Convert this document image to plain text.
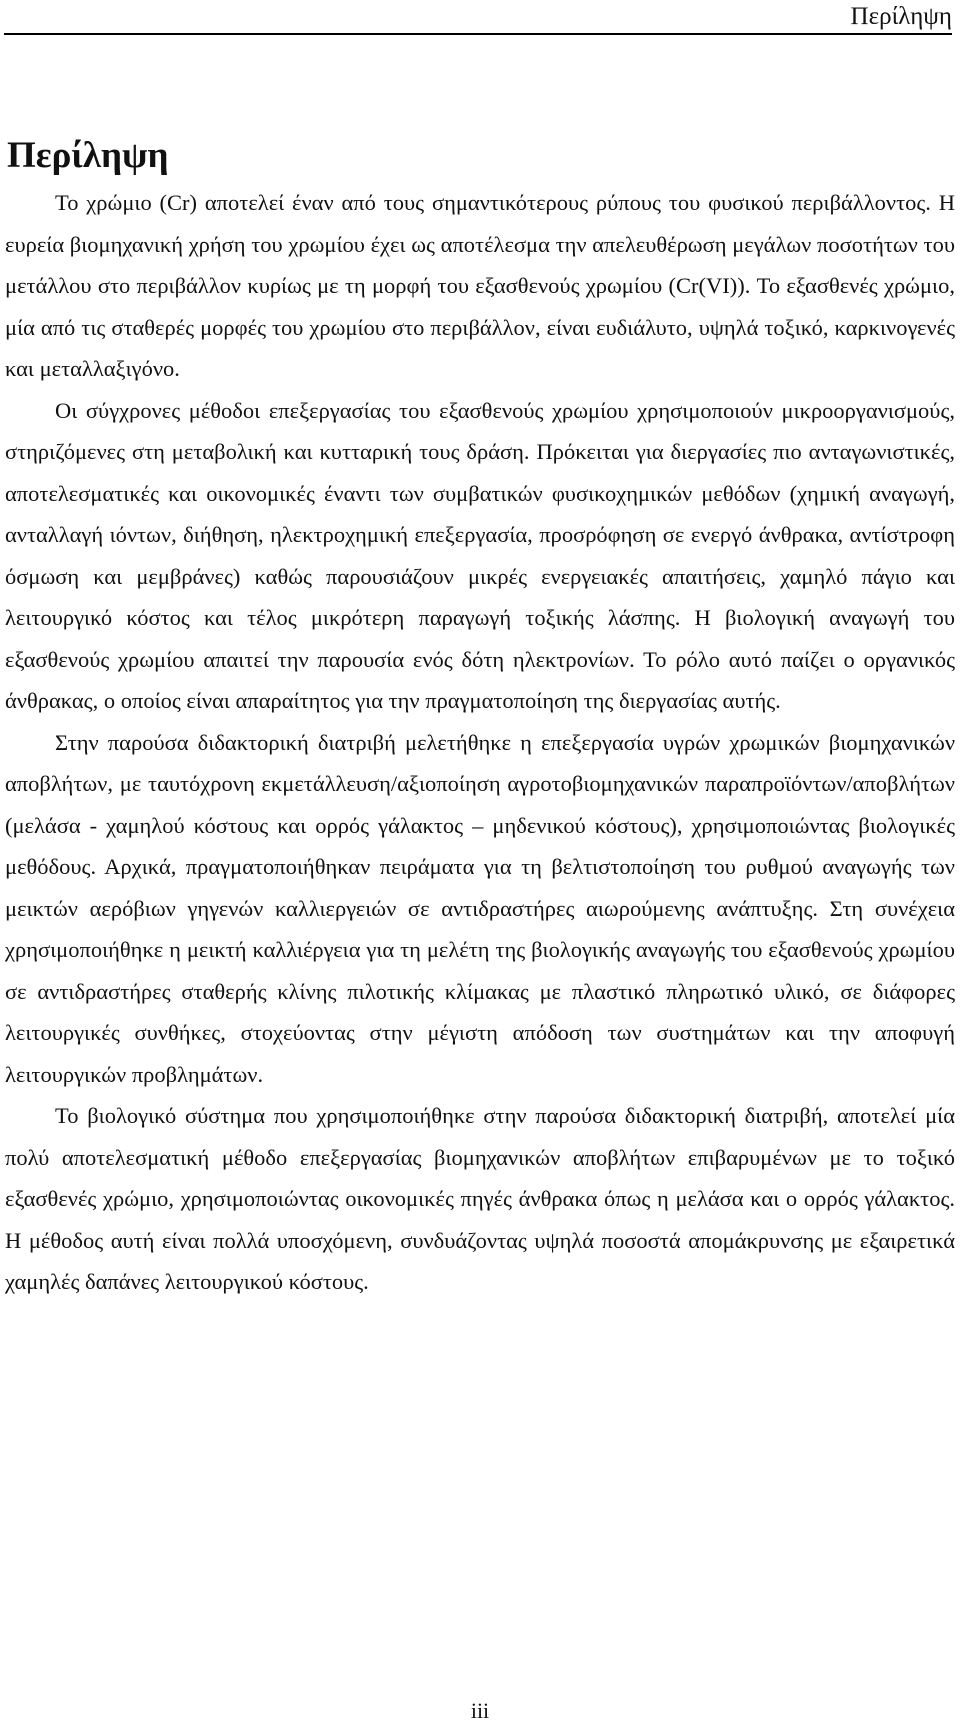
Περίληψη
Περίληψη

Το χρώμιο (Cr) αποτελεί έναν από τους σημαντικότερους ρύπους του φυσικού περιβάλλοντος. Η ευρεία βιομηχανική χρήση του χρωμίου έχει ως αποτέλεσμα την απελευθέρωση μεγάλων ποσοτήτων του μετάλλου στο περιβάλλον κυρίως με τη μορφή του εξασθενούς χρωμίου (Cr(VI)). Το εξασθενές χρώμιο, μία από τις σταθερές μορφές του χρωμίου στο περιβάλλον, είναι ευδιάλυτο, υψηλά τοξικό, καρκινογενές και μεταλλαξιγόνο.

Οι σύγχρονες μέθοδοι επεξεργασίας του εξασθενούς χρωμίου χρησιμοποιούν μικροοργανισμούς, στηριζόμενες στη μεταβολική και κυτταρική τους δράση. Πρόκειται για διεργασίες πιο ανταγωνιστικές, αποτελεσματικές και οικονομικές έναντι των συμβατικών φυσικοχημικών μεθόδων (χημική αναγωγή, ανταλλαγή ιόντων, διήθηση, ηλεκτροχημική επεξεργασία, προσρόφηση σε ενεργό άνθρακα, αντίστροφη όσμωση και μεμβράνες) καθώς παρουσιάζουν μικρές ενεργειακές απαιτήσεις, χαμηλό πάγιο και λειτουργικό κόστος και τέλος μικρότερη παραγωγή τοξικής λάσπης. Η βιολογική αναγωγή του εξασθενούς χρωμίου απαιτεί την παρουσία ενός δότη ηλεκτρονίων. Το ρόλο αυτό παίζει ο οργανικός άνθρακας, ο οποίος είναι απαραίτητος για την πραγματοποίηση της διεργασίας αυτής.

Στην παρούσα διδακτορική διατριβή μελετήθηκε η επεξεργασία υγρών χρωμικών βιομηχανικών αποβλήτων, με ταυτόχρονη εκμετάλλευση/αξιοποίηση αγροτοβιομηχανικών παραπροϊόντων/αποβλήτων (μελάσα - χαμηλού κόστους και ορρός γάλακτος – μηδενικού κόστους), χρησιμοποιώντας βιολογικές μεθόδους. Αρχικά, πραγματοποιήθηκαν πειράματα για τη βελτιστοποίηση του ρυθμού αναγωγής των μεικτών αερόβιων γηγενών καλλιεργειών σε αντιδραστήρες αιωρούμενης ανάπτυξης. Στη συνέχεια χρησιμοποιήθηκε η μεικτή καλλιέργεια για τη μελέτη της βιολογικής αναγωγής του εξασθενούς χρωμίου σε αντιδραστήρες σταθερής κλίνης πιλοτικής κλίμακας με πλαστικό πληρωτικό υλικό, σε διάφορες λειτουργικές συνθήκες, στοχεύοντας στην μέγιστη απόδοση των συστημάτων και την αποφυγή λειτουργικών προβλημάτων.

Το βιολογικό σύστημα που χρησιμοποιήθηκε στην παρούσα διδακτορική διατριβή, αποτελεί μία πολύ αποτελεσματική μέθοδο επεξεργασίας βιομηχανικών αποβλήτων επιβαρυμένων με το τοξικό εξασθενές χρώμιο, χρησιμοποιώντας οικονομικές πηγές άνθρακα όπως η μελάσα και ο ορρός γάλακτος. Η μέθοδος αυτή είναι πολλά υποσχόμενη, συνδυάζοντας υψηλά ποσοστά απομάκρυνσης με εξαιρετικά χαμηλές δαπάνες λειτουργικού κόστους.

iii
